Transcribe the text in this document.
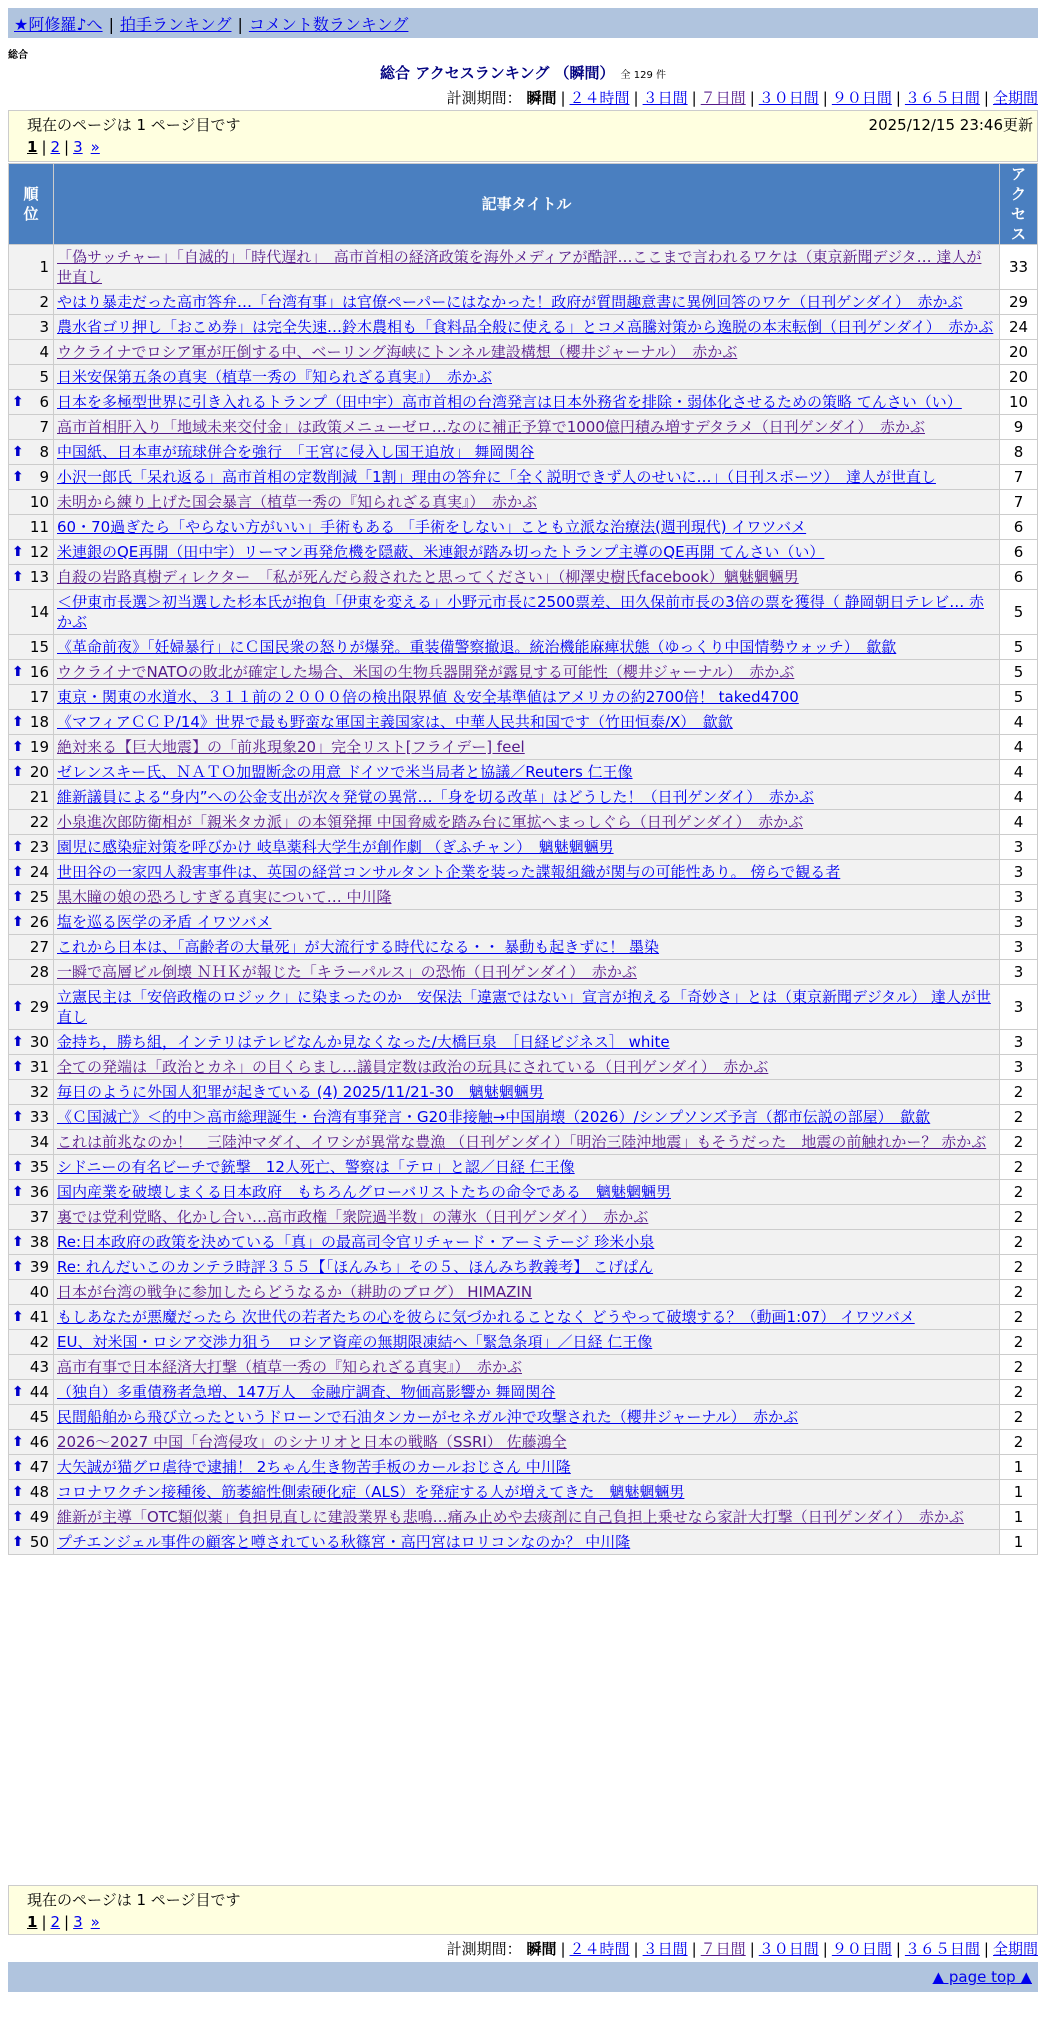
★阿修羅♪へ | 拍手ランキング | コメント数ランキング
総合
総合 アクセスランキング （瞬間） 全 129 件
計測期間： 瞬間 | ２４時間 | ３日間 | ７日間 | ３０日間 | ９０日間 | ３６５日間 | 全期間
現在のページは 1 ページ目です	2025/12/15 23:46更新
1 | 2 | 3 »
順位	記事タイトル	アクセス
1	「偽サッチャー」「自滅的」「時代遅れ」　高市首相の経済政策を海外メディアが酷評…ここまで言われるワケは（東京新聞デジタ… 達人が世直し	33
2	やはり暴走だった高市答弁…「台湾有事」は官僚ペーパーにはなかった！政府が質問趣意書に異例回答のワケ（日刊ゲンダイ）　赤かぶ	29
3	農水省ゴリ押し「おこめ券」は完全失速…鈴木農相も「食料品全般に使える」とコメ高騰対策から逸脱の本末転倒（日刊ゲンダイ）　赤かぶ	24
4	ウクライナでロシア軍が圧倒する中、ベーリング海峡にトンネル建設構想（櫻井ジャーナル）　赤かぶ	20
5	日米安保第五条の真実（植草一秀の『知られざる真実』）　赤かぶ	20

⬆ 6	日本を多極型世界に引き入れるトランプ（田中宇）高市首相の台湾発言は日本外務省を排除・弱体化させるための策略 てんさい（い）	10
7	高市首相肝入り「地域未来交付金」は政策メニューゼロ…なのに補正予算で1000億円積み増すデタラメ（日刊ゲンダイ）　赤かぶ	9

⬆ 8	中国紙、日本車が琉球併合を強行　「王宮に侵入し国王追放」 舞岡関谷	8

⬆ 9	小沢一郎氏「呆れ返る」高市首相の定数削減「1割」理由の答弁に「全く説明できず人のせいに…」（日刊スポーツ）　達人が世直し	7
10	未明から練り上げた国会暴言（植草一秀の『知られざる真実』）　赤かぶ	7
11	60・70過ぎたら「やらない方がいい」手術もある 「手術をしない」ことも立派な治療法(週刊現代) イワツバメ	6

⬆ 12	米連銀のQE再開（田中宇）リーマン再発危機を隠蔽、米連銀が踏み切ったトランプ主導のQE再開 てんさい（い）	6

⬆ 13	自殺の岩路真樹ディレクター　「私が死んだら殺されたと思ってください」（柳澤史樹氏facebook）魑魅魍魎男	6
14	＜伊東市長選＞初当選した杉本氏が抱負「伊東を変える」小野元市長に2500票差、田久保前市長の3倍の票を獲得（ 静岡朝日テレビ… 赤かぶ	5
15	《革命前夜》「妊婦暴行」にＣ国民衆の怒りが爆発。重装備警察撤退。統治機能麻痺状態（ゆっくり中国情勢ウォッチ）　歙歙	5

⬆ 16	ウクライナでNATOの敗北が確定した場合、米国の生物兵器開発が露見する可能性（櫻井ジャーナル）　赤かぶ	5
17	東京・関東の水道水、３１１前の２０００倍の検出限界値 ＆安全基準値はアメリカの約2700倍！ taked4700	5

⬆ 18	《マフィアＣＣＰ/14》世界で最も野蛮な軍国主義国家は、中華人民共和国です（竹田恒泰/X）　歙歙	4

⬆ 19	絶対来る【巨大地震】の「前兆現象20」完全リスト[フライデー] feel	4

⬆ 20	ゼレンスキー氏、ＮＡＴＯ加盟断念の用意 ドイツで米当局者と協議／Reuters 仁王像	4
21	維新議員による“身内”への公金支出が次々発覚の異常…「身を切る改革」はどうした！（日刊ゲンダイ）　赤かぶ	4
22	小泉進次郎防衛相が「親米タカ派」の本領発揮 中国脅威を踏み台に軍拡へまっしぐら（日刊ゲンダイ）　赤かぶ	4

⬆ 23	園児に感染症対策を呼びかけ 岐阜薬科大学生が創作劇 （ぎふチャン）　魑魅魍魎男	3

⬆ 24	世田谷の一家四人殺害事件は、英国の経営コンサルタント企業を装った諜報組織が関与の可能性あり。 傍らで観る者	3

⬆ 25	黒木瞳の娘の恐ろしすぎる真実について… 中川隆	3

⬆ 26	塩を巡る医学の矛盾 イワツバメ	3
27	これから日本は、「高齢者の大量死」が大流行する時代になる・・ 暴動も起きずに！ 墨染	3
28	一瞬で高層ビル倒壊 ＮＨＫが報じた「キラーパルス」の恐怖（日刊ゲンダイ）　赤かぶ	3

⬆ 29	立憲民主は「安倍政権のロジック」に染まったのか　安保法「違憲ではない」宣言が抱える「奇妙さ」とは（東京新聞デジタル） 達人が世直し	3

⬆ 30	金持ち，勝ち組，インテリはテレビなんか見なくなった/大橋巨泉　［日経ビジネス］ white	3

⬆ 31	全ての発端は「政治とカネ」の目くらまし…議員定数は政治の玩具にされている（日刊ゲンダイ）　赤かぶ	3
32	毎日のように外国人犯罪が起きている (4) 2025/11/21-30　魑魅魍魎男	2

⬆ 33	《Ｃ国滅亡》＜的中＞高市総理誕生・台湾有事発言・G20非接触→中国崩壊（2026）/シンプソンズ予言（都市伝説の部屋）　歙歙	2
34	これは前兆なのか！　三陸沖マダイ、イワシが異常な豊漁 （日刊ゲンダイ）「明治三陸沖地震」もそうだった　地震の前触れかー？ 赤かぶ	2

⬆ 35	シドニーの有名ビーチで銃撃　12人死亡、警察は「テロ」と認／日経 仁王像	2

⬆ 36	国内産業を破壊しまくる日本政府　もちろんグローバリストたちの命令である　魑魅魍魎男	2
37	裏では党利党略、化かし合い…高市政権「衆院過半数」の薄氷（日刊ゲンダイ）　赤かぶ	2

⬆ 38	Re:日本政府の政策を決めている「真」の最高司令官リチャード・アーミテージ 珍米小泉	2

⬆ 39	Re: れんだいこのカンテラ時評３５５【「ほんみち」その５、ほんみち教義考】 こげぱん	2
40	日本が台湾の戦争に参加したらどうなるか（耕助のブログ） HIMAZIN	2

⬆ 41	もしあなたが悪魔だったら 次世代の若者たちの心を彼らに気づかれることなく どうやって破壊する？（動画1:07） イワツバメ	2
42	EU、対米国・ロシア交渉力狙う　ロシア資産の無期限凍結へ「緊急条項」／日経 仁王像	2
43	高市有事で日本経済大打撃（植草一秀の『知られざる真実』）　赤かぶ	2

⬆ 44	（独自）多重債務者急増、147万人　金融庁調査、物価高影響か 舞岡関谷	2
45	民間船舶から飛び立ったというドローンで石油タンカーがセネガル沖で攻撃された（櫻井ジャーナル）　赤かぶ	2

⬆ 46	2026～2027 中国「台湾侵攻」のシナリオと日本の戦略（SSRI） 佐藤鴻全	2

⬆ 47	大矢誠が猫グロ虐待で逮捕！ 2ちゃん生き物苦手板のカールおじさん 中川隆	1

⬆ 48	コロナワクチン接種後、筋萎縮性側索硬化症（ALS）を発症する人が増えてきた　魑魅魍魎男	1

⬆ 49	維新が主導「OTC類似薬」負担見直しに建設業界も悲鳴…痛み止めや去痰剤に自己負担上乗せなら家計大打撃（日刊ゲンダイ）　赤かぶ	1

⬆ 50	プチエンジェル事件の顧客と噂されている秋篠宮・高円宮はロリコンなのか？ 中川隆	1
現在のページは 1 ページ目です
1 | 2 | 3 »
計測期間： 瞬間 | ２４時間 | ３日間 | ７日間 | ３０日間 | ９０日間 | ３６５日間 | 全期間
▲ page top ▲
